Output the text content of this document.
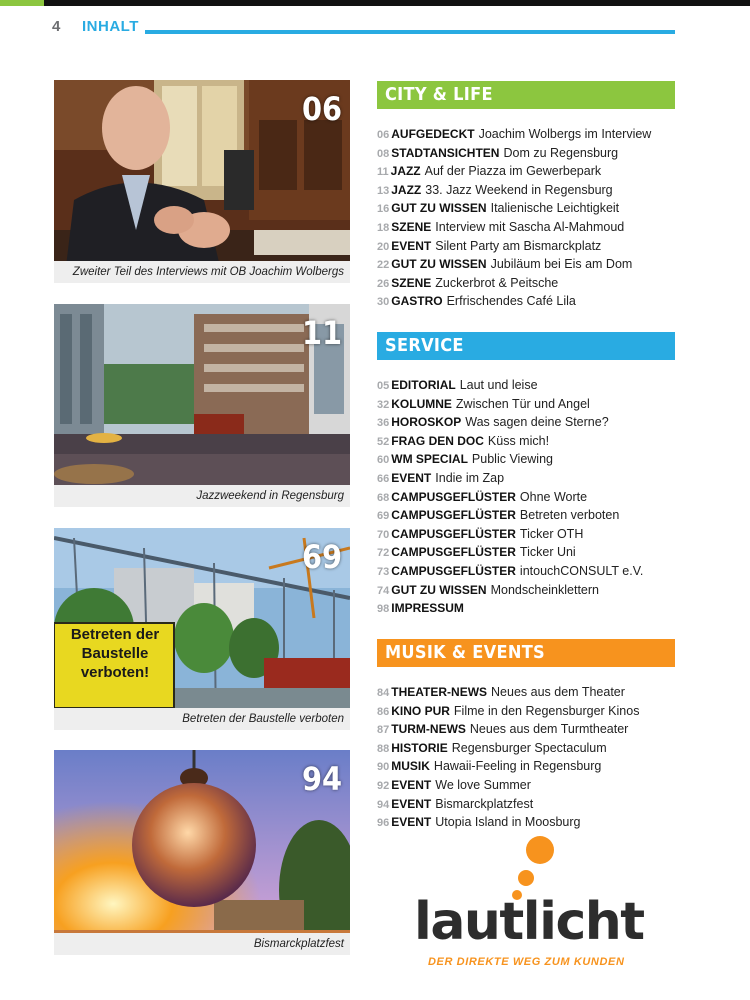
4 INHALT
06
Zweiter Teil des Interviews mit OB Joachim Wolbergs
11
Jazzweekend in Regensburg
Betreten der Baustelle verboten!
69
Betreten der Baustelle verboten
94
Bismarckplatzfest
CITY & LIFE
06 AUFGEDECKT Joachim Wolbergs im Interview
08 STADTANSICHTEN Dom zu Regensburg
11 JAZZ Auf der Piazza im Gewerbepark
13 JAZZ 33. Jazz Weekend in Regensburg
16 GUT ZU WISSEN Italienische Leichtigkeit
18 SZENE Interview mit Sascha Al-Mahmoud
20 EVENT Silent Party am Bismarckplatz
22 GUT ZU WISSEN Jubiläum bei Eis am Dom
26 SZENE Zuckerbrot & Peitsche
30 GASTRO Erfrischendes Café Lila
SERVICE
05 EDITORIAL Laut und leise
32 KOLUMNE Zwischen Tür und Angel
36 HOROSKOP Was sagen deine Sterne?
52 FRAG DEN DOC Küss mich!
60 WM SPECIAL Public Viewing
66 EVENT Indie im Zap
68 CAMPUSGEFLÜSTER Ohne Worte
69 CAMPUSGEFLÜSTER Betreten verboten
70 CAMPUSGEFLÜSTER Ticker OTH
72 CAMPUSGEFLÜSTER Ticker Uni
73 CAMPUSGEFLÜSTER intouchCONSULT e.V.
74 GUT ZU WISSEN Mondscheinklettern
98 IMPRESSUM
MUSIK & EVENTS
84 THEATER-NEWS Neues aus dem Theater
86 KINO PUR Filme in den Regensburger Kinos
87 TURM-NEWS Neues aus dem Turmtheater
88 HISTORIE Regensburger Spectaculum
90 MUSIK Hawaii-Feeling in Regensburg
92 EVENT We love Summer
94 EVENT Bismarckplatzfest
96 EVENT Utopia Island in Moosburg
lautlicht
DER DIREKTE WEG ZUM KUNDEN
